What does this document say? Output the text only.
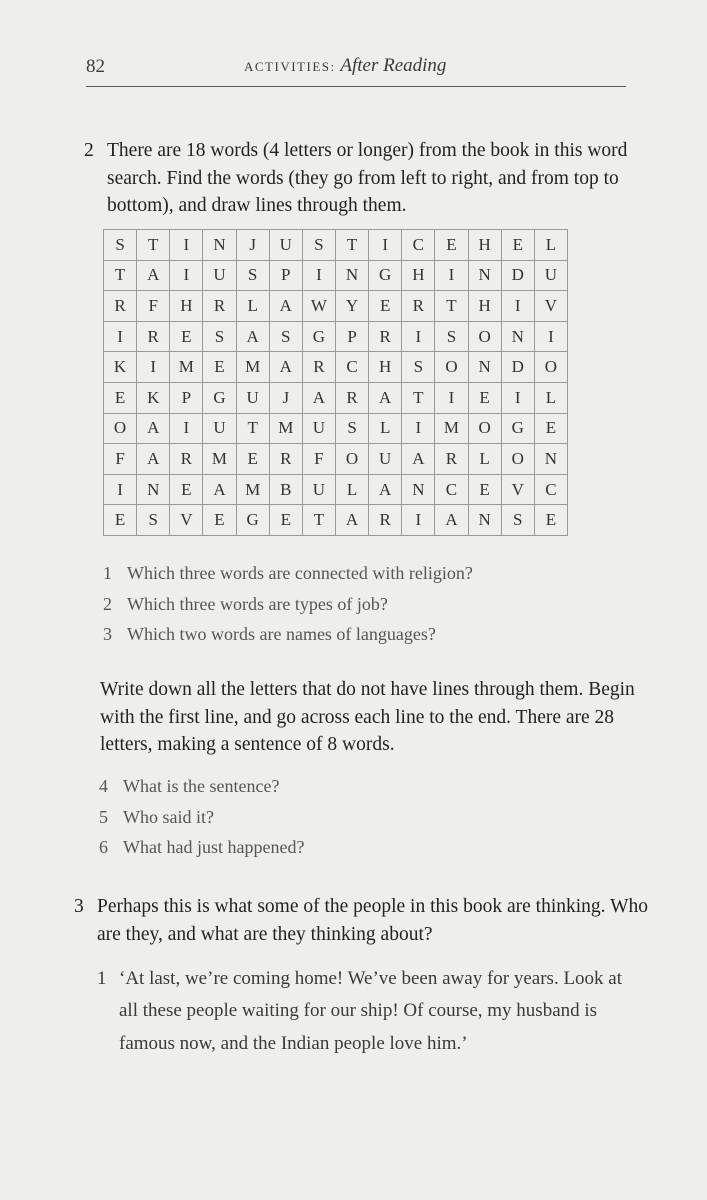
82	ACTIVITIES: After Reading
2 There are 18 words (4 letters or longer) from the book in this word search. Find the words (they go from left to right, and from top to bottom), and draw lines through them.
S	T	I	N	J	U	S	T	I	C	E	H	E	L
T	A	I	U	S	P	I	N	G	H	I	N	D	U
R	F	H	R	L	A	W	Y	E	R	T	H	I	V
I	R	E	S	A	S	G	P	R	I	S	O	N	I
K	I	M	E	M	A	R	C	H	S	O	N	D	O
E	K	P	G	U	J	A	R	A	T	I	E	I	L
O	A	I	U	T	M	U	S	L	I	M	O	G	E
F	A	R	M	E	R	F	O	U	A	R	L	O	N
I	N	E	A	M	B	U	L	A	N	C	E	V	C
E	S	V	E	G	E	T	A	R	I	A	N	S	E
1 Which three words are connected with religion?
2 Which three words are types of job?
3 Which two words are names of languages?
Write down all the letters that do not have lines through them. Begin with the first line, and go across each line to the end. There are 28 letters, making a sentence of 8 words.
4 What is the sentence?
5 Who said it?
6 What had just happened?
3 Perhaps this is what some of the people in this book are thinking. Who are they, and what are they thinking about?
1 ‘At last, we’re coming home! We’ve been away for years. Look at all these people waiting for our ship! Of course, my husband is famous now, and the Indian people love him.’
